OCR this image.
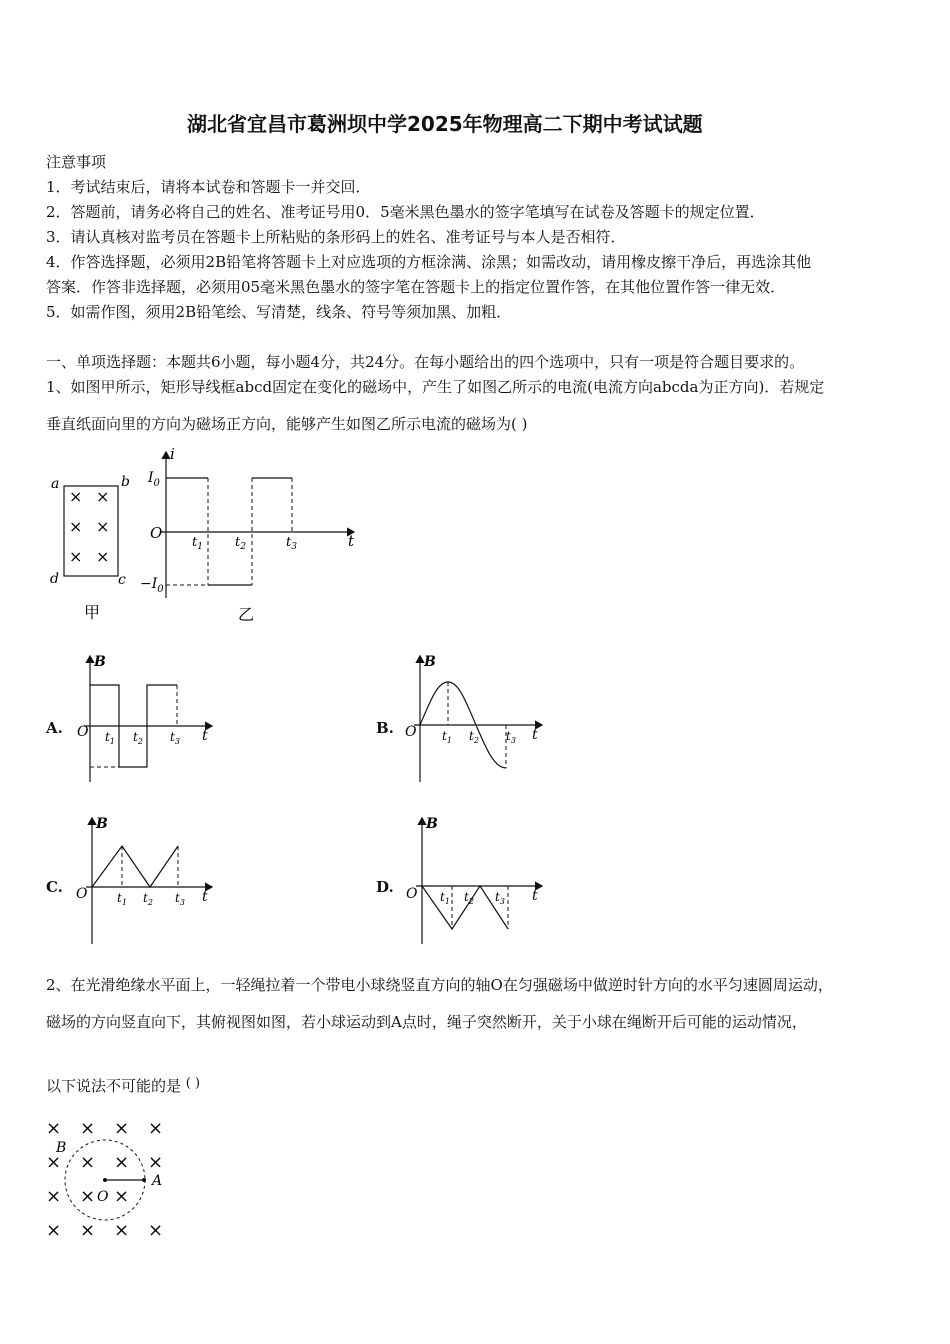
湖北省宜昌市葛洲坝中学2025年物理高二下期中考试试题
注意事项
1．考试结束后，请将本试卷和答题卡一并交回．
2．答题前，请务必将自己的姓名、准考证号用0．5毫米黑色墨水的签字笔填写在试卷及答题卡的规定位置．
3．请认真核对监考员在答题卡上所粘贴的条形码上的姓名、准考证号与本人是否相符．
4．作答选择题，必须用2B铅笔将答题卡上对应选项的方框涂满、涂黑；如需改动，请用橡皮擦干净后，再选涂其他
答案．作答非选择题，必须用05毫米黑色墨水的签字笔在答题卡上的指定位置作答，在其他位置作答一律无效．
5．如需作图，须用2B铅笔绘、写清楚，线条、符号等须加黑、加粗．
一、单项选择题：本题共6小题，每小题4分，共24分。在每小题给出的四个选项中，只有一项是符合题目要求的。
1、如图甲所示，矩形导线框abcd固定在变化的磁场中，产生了如图乙所示的电流(电流方向abcda为正方向)．若规定
垂直纸面向里的方向为磁场正方向，能够产生如图乙所示电流的磁场为( )
a	b
d	c
× ×
× ×
× ×
甲
i
t
O
$I_0$
$-I_0$
$t_1$ $t_2$	$t_3$
乙
A.
B
t
O $t_1$ $t_2$ $t_3$
B.
B
t
O $t_1$ $t_2$ $t_3$
C.
B
t
O $t_1$ $t_2$ $t_3$
D.
B
t
O $t_1$ $t_2$ $t_3$
2、在光滑绝缘水平面上，一轻绳拉着一个带电小球绕竖直方向的轴O在匀强磁场中做逆时针方向的水平匀速圆周运动，
磁场的方向竖直向下，其俯视图如图，若小球运动到A点时，绳子突然断开，关于小球在绳断开后可能的运动情况，
以下说法不可能的是 ( )
× × × ×
× × × ×
× × ×
× × × ×
O
A
B
